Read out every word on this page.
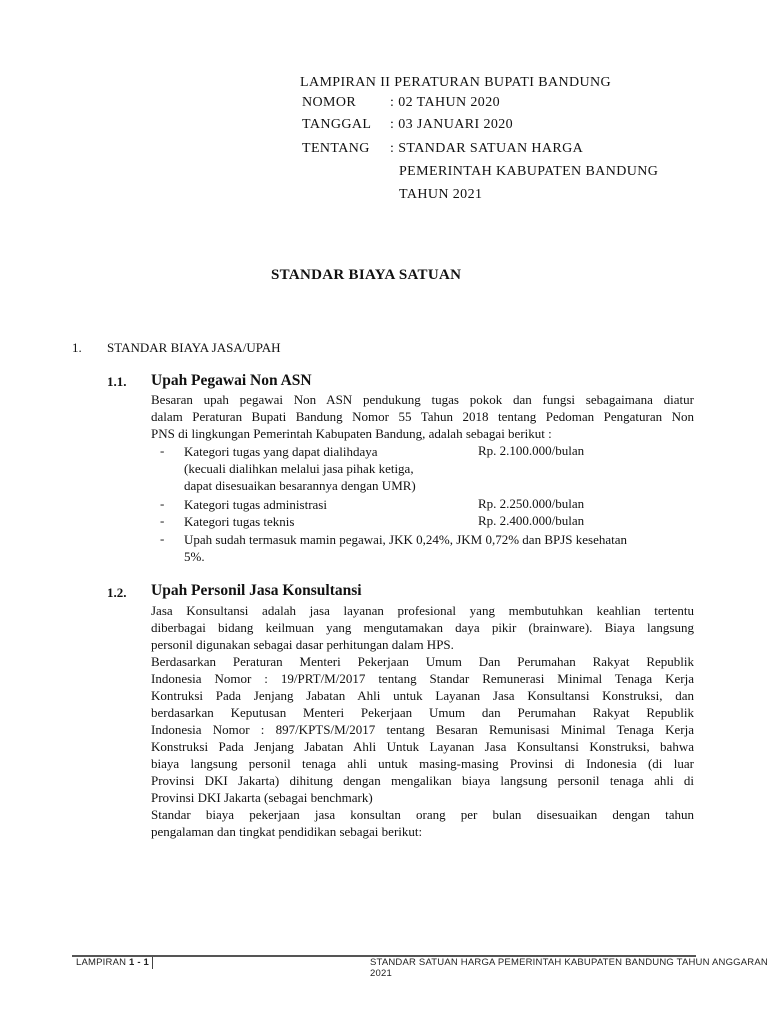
LAMPIRAN II PERATURAN BUPATI BANDUNG
NOMOR : 02 TAHUN 2020
TANGGAL : 03 JANUARI 2020
TENTANG : STANDAR SATUAN HARGA
PEMERINTAH KABUPATEN BANDUNG
TAHUN 2021
STANDAR BIAYA SATUAN
1. STANDAR BIAYA JASA/UPAH
1.1. Upah Pegawai Non ASN
Besaran upah pegawai Non ASN pendukung tugas pokok dan fungsi sebagaimana diatur
dalam Peraturan Bupati Bandung Nomor 55 Tahun 2018 tentang Pedoman Pengaturan Non
PNS di lingkungan Pemerintah Kabupaten Bandung, adalah sebagai berikut :
- Kategori tugas yang dapat dialihdaya
(kecuali dialihkan melalui jasa pihak ketiga,
dapat disesuaikan besarannya dengan UMR)
Rp. 2.100.000/bulan
- Kategori tugas administrasi	Rp. 2.250.000/bulan
- Kategori tugas teknis	Rp. 2.400.000/bulan
- Upah sudah termasuk mamin pegawai, JKK 0,24%, JKM 0,72% dan BPJS kesehatan
5%.
1.2. Upah Personil Jasa Konsultansi
Jasa Konsultansi adalah jasa layanan profesional yang membutuhkan keahlian tertentu
diberbagai bidang keilmuan yang mengutamakan daya pikir (brainware). Biaya langsung
personil digunakan sebagai dasar perhitungan dalam HPS.
Berdasarkan Peraturan Menteri Pekerjaan Umum Dan Perumahan Rakyat Republik
Indonesia Nomor : 19/PRT/M/2017 tentang Standar Remunerasi Minimal Tenaga Kerja
Kontruksi Pada Jenjang Jabatan Ahli untuk Layanan Jasa Konsultansi Konstruksi, dan
berdasarkan Keputusan Menteri Pekerjaan Umum dan Perumahan Rakyat Republik
Indonesia Nomor : 897/KPTS/M/2017 tentang Besaran Remunisasi Minimal Tenaga Kerja
Konstruksi Pada Jenjang Jabatan Ahli Untuk Layanan Jasa Konsultansi Konstruksi, bahwa
biaya langsung personil tenaga ahli untuk masing-masing Provinsi di Indonesia (di luar
Provinsi DKI Jakarta) dihitung dengan mengalikan biaya langsung personil tenaga ahli di
Provinsi DKI Jakarta (sebagai benchmark)
Standar biaya pekerjaan jasa konsultan orang per bulan disesuaikan dengan tahun
pengalaman dan tingkat pendidikan sebagai berikut:
LAMPIRAN 1 - 1	STANDAR SATUAN HARGA PEMERINTAH KABUPATEN BANDUNG TAHUN ANGGARAN 2021
